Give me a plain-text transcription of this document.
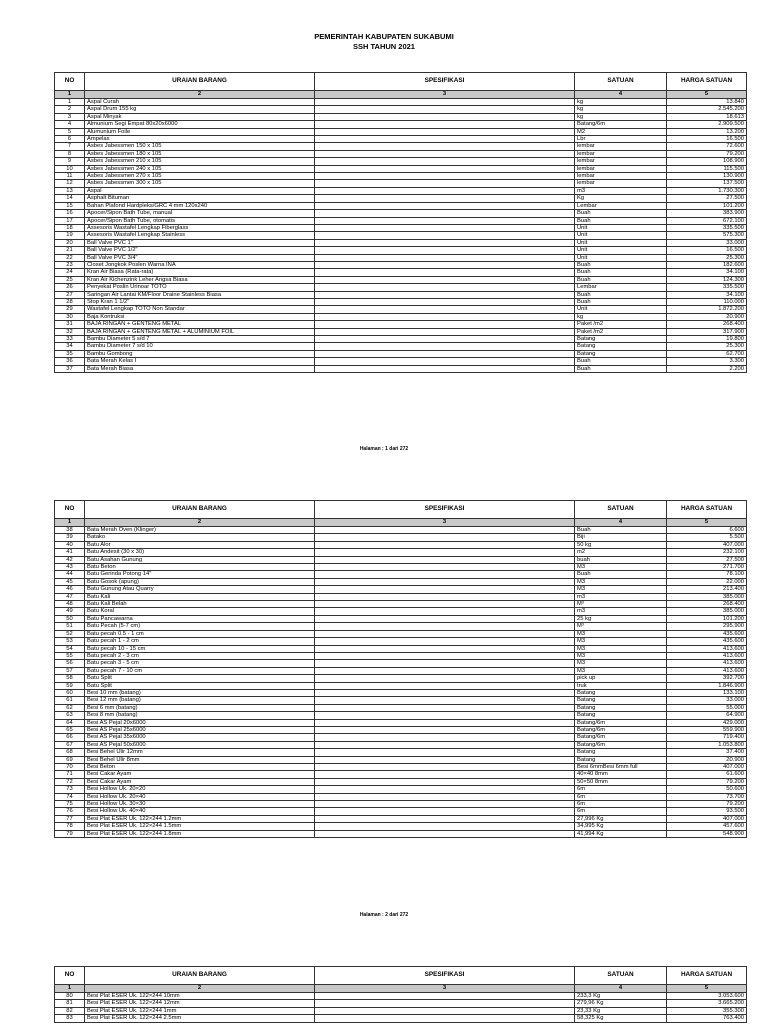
PEMERINTAH KABUPATEN SUKABUMI
SSH TAHUN 2021
NO	URAIAN BARANG	SPESIFIKASI	SATUAN	HARGA SATUAN
1	2	3	4	5
1	Aspal Curah		kg	13.840
2	Aspal Drum 155 kg		kg	2.545.200
3	Aspal Minyak		kg	18.613
4	Almunium Segi Empat 80x20x6000		Batang/6m	2.909.500
5	Alumunium Foile		M2	13.200
6	Ampelas		Lbr	16.500
7	Asbes Jabessmen 150 x 105		lembar	72.600
8	Asbes Jabessmen 180 x 105		lembar	79.200
9	Asbes Jabessmen 210 x 105		lembar	108.900
10	Asbes Jabessmen 240 x 105		lembar	115.500
11	Asbes Jabessmen 270 x 105		lembar	130.900
12	Asbes Jabessmen 300 x 105		lembar	137.500
13	Aspal		m3	1.730.300
14	Asphalt Bituman		Kg	27.500
15	Bahan Plafond Hardpleks/GRC 4 mm 120x240		Lembar	101.200
16	Apocer/Sipon Bath Tube, manual		Buah	383.900
17	Apocer/Sipon Bath Tube, otomatis		Buah	672.100
18	Assesoris Wastafel Lengkap Fiberglass		Unit	335.500
19	Assesoris Wastafel Lengkap Stainless		Unit	575.300
20	Ball Valve PVC 1"		Unit	33.000
21	Ball Valve PVC 1/2"		Unit	16.500
22	Ball Valve PVC 3/4"		Unit	25.300
23	Closet Jongkok Poslen Warna INA		Buah	182.600
24	Kran Air Biasa (Rata-rata)		Buah	34.100
25	Kran Air Kichenzink Leher Angsa Biasa		Buah	124.300
26	Penyekat Poslin Urinoar TOTO		Lembar	335.500
27	Saringan Air Lantai KM/Floor Draine Stainless Biasa		Buah	34.100
28	Stop Kran 1 1/2"		Buah	110.000
29	Wastafel Lengkap TOTO Non Standar		Unit	1.872.200
30	Baja Kontruksi		kg	20.900
31	BAJA RINGAN + GENTENG METAL		Paket /m2	268.400
32	BAJA RINGAN + GENTENG METAL + ALUMINIUM FOIL		Paket /m2	317.900
33	Bambu Diameter 5 s/d 7		Batang	19.800
34	Bambu Diameter 7 s/d 10		Batang	25.300
35	Bambu Gombong		Batang	62.700
36	Bata Merah Kelas I		Buah	3.300
37	Bata Merah Biasa		Buah	2.200
Halaman : 1 dari 272
NO	URAIAN BARANG	SPESIFIKASI	SATUAN	HARGA SATUAN
1	2	3	4	5
38	Bata Merah Oven (Klinger)		Buah	6.600
39	Batako		Biji	5.500
40	Batu Alor		50 kg	407.000
41	Batu Andesit (30 x 30)		m2	232.100
42	Batu Asahan Gunung		buah	27.500
43	Batu Beton		M3	271.700
44	Batu Gerinda Potong 14"		Buah	78.100
45	Batu Gosok (apung)		M3	22.000
46	Batu Gunung Atau Quarry		M3	213.400
47	Batu Kali		m3	385.000
48	Batu Kali Belah		M³	268.400
49	Batu Koral		m3	385.000
50	Batu Pancawarna		25 kg	101.200
51	Batu Pecah (5-7 cm)		M³	295.900
52	Batu pecah 0.5 - 1 cm		M3	435.600
53	Batu pecah 1 - 2 cm		M3	435.600
54	Batu pecah 10 - 15 cm		M3	413.600
55	Batu pecah 2 - 3 cm		M3	413.600
56	Batu pecah 3 - 5 cm		M3	413.600
57	Batu pecah 7 - 10 cm		M3	413.600
58	Batu Split		pick up	392.700
59	Batu Split		truk	1.846.900
60	Besi 10 mm (batang)		Batang	133.100
61	Besi 12 mm (batang)		Batang	33.000
62	Besi 6 mm (batang)		Batang	55.000
63	Besi 8 mm (batang)		Batang	64.900
64	Besi AS Pejal 20x6000		Batang/6m	429.000
65	Besi AS Pejal 25x6000		Batang/6m	559.900
66	Besi AS Pejal 35x6000		Batang/6m	719.400
67	Besi AS Pejal 50x6000		Batang/6m	1.053.800
68	Besi Behel Ulir 12mm		Batang	37.400
69	Besi Behel Ulir 8mm		Batang	20.900
70	Besi Beton		Besi 6mmBesi 6mm full	407.000
71	Besi Cakar Ayam		40×40 8mm	61.600
72	Besi Cakar Ayam		50×50 8mm	79.200
73	Besi Hollow Uk. 20×20		6m	50.600
74	Besi Hollow Uk. 20×40		6m	73.700
75	Besi Hollow Uk. 30×30		6m	79.200
76	Besi Hollow Uk. 40×40		6m	93.500
77	Besi Plat ESER Uk. 122×244 1.2mm		27,996 Kg	407.000
78	Besi Plat ESER Uk. 122×244 1.5mm		34,995 Kg	457.600
79	Besi Plat ESER Uk. 122×244 1.8mm		41,994 Kg	548.900
Halaman : 2 dari 272
NO	URAIAN BARANG	SPESIFIKASI	SATUAN	HARGA SATUAN
1	2	3	4	5
80	Besi Plat ESER Uk. 122×244 10mm		233,3 Kg	3.053.600
81	Besi Plat ESER Uk. 122×244 12mm		279,96 Kg	3.665.200
82	Besi Plat ESER Uk. 122×244 1mm		23,33 Kg	355.300
83	Besi Plat ESER Uk. 122×244 2.5mm		58,325 Kg	763.400
